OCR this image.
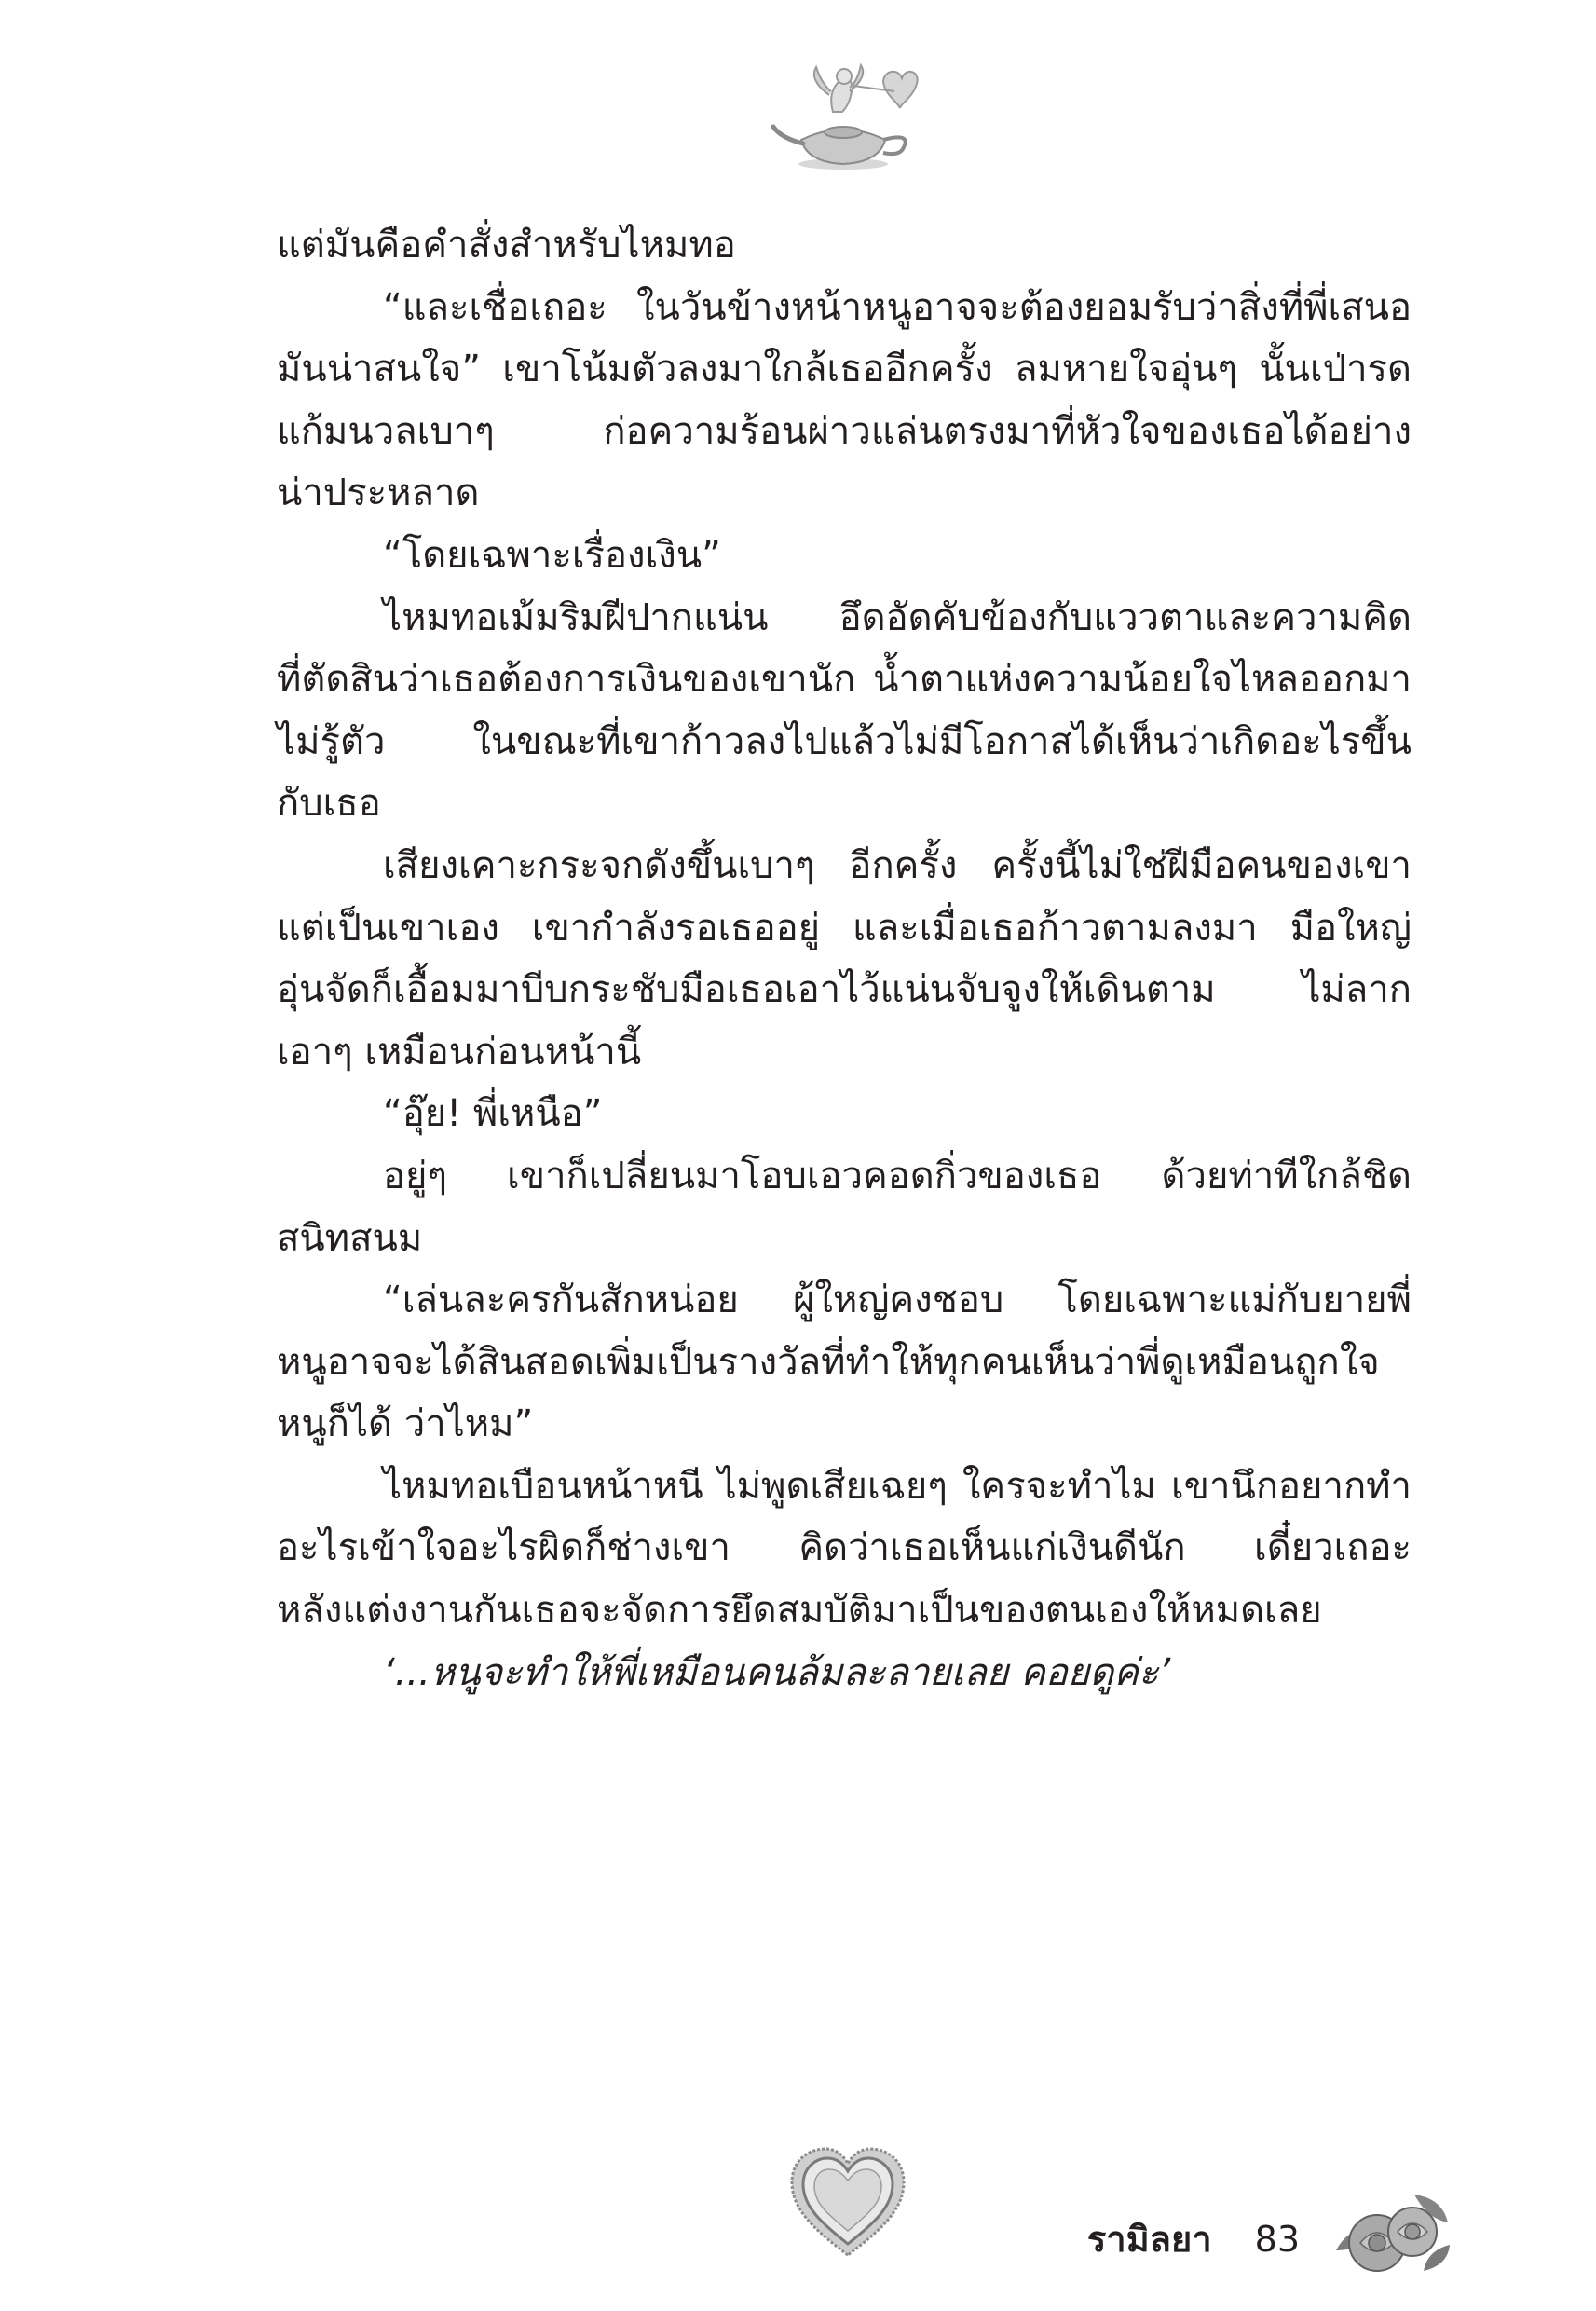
แต่มันคือคำสั่งสำหรับไหมทอ
“และเชื่อเถอะ ในวันข้างหน้าหนูอาจจะต้องยอมรับว่าสิ่งที่พี่เสนอ
มันน่าสนใจ” เขาโน้มตัวลงมาใกล้เธออีกครั้ง ลมหายใจอุ่นๆ นั้นเป่ารด
แก้มนวลเบาๆ ก่อความร้อนผ่าวแล่นตรงมาที่หัวใจของเธอได้อย่าง
น่าประหลาด
“โดยเฉพาะเรื่องเงิน”
ไหมทอเม้มริมฝีปากแน่น อึดอัดคับข้องกับแววตาและความคิด
ที่ตัดสินว่าเธอต้องการเงินของเขานัก น้ำตาแห่งความน้อยใจไหลออกมา
ไม่รู้ตัว ในขณะที่เขาก้าวลงไปแล้วไม่มีโอกาสได้เห็นว่าเกิดอะไรขึ้น
กับเธอ
เสียงเคาะกระจกดังขึ้นเบาๆ อีกครั้ง ครั้งนี้ไม่ใช่ฝีมือคนของเขา
แต่เป็นเขาเอง เขากำลังรอเธออยู่ และเมื่อเธอก้าวตามลงมา มือใหญ่
อุ่นจัดก็เอื้อมมาบีบกระชับมือเธอเอาไว้แน่นจับจูงให้เดินตาม ไม่ลาก
เอาๆ เหมือนก่อนหน้านี้
“อุ๊ย! พี่เหนือ”
อยู่ๆ เขาก็เปลี่ยนมาโอบเอวคอดกิ่วของเธอ ด้วยท่าทีใกล้ชิด
สนิทสนม
“เล่นละครกันสักหน่อย ผู้ใหญ่คงชอบ โดยเฉพาะแม่กับยายพี่
หนูอาจจะได้สินสอดเพิ่มเป็นรางวัลที่ทำให้ทุกคนเห็นว่าพี่ดูเหมือนถูกใจ
หนูก็ได้ ว่าไหม”
ไหมทอเบือนหน้าหนี ไม่พูดเสียเฉยๆ ใครจะทำไม เขานึกอยากทำ
อะไรเข้าใจอะไรผิดก็ช่างเขา คิดว่าเธอเห็นแก่เงินดีนัก เดี๋ยวเถอะ
หลังแต่งงานกันเธอจะจัดการยึดสมบัติมาเป็นของตนเองให้หมดเลย
‘...หนูจะทำให้พี่เหมือนคนล้มละลายเลย คอยดูค่ะ’
รามิลยา 83
